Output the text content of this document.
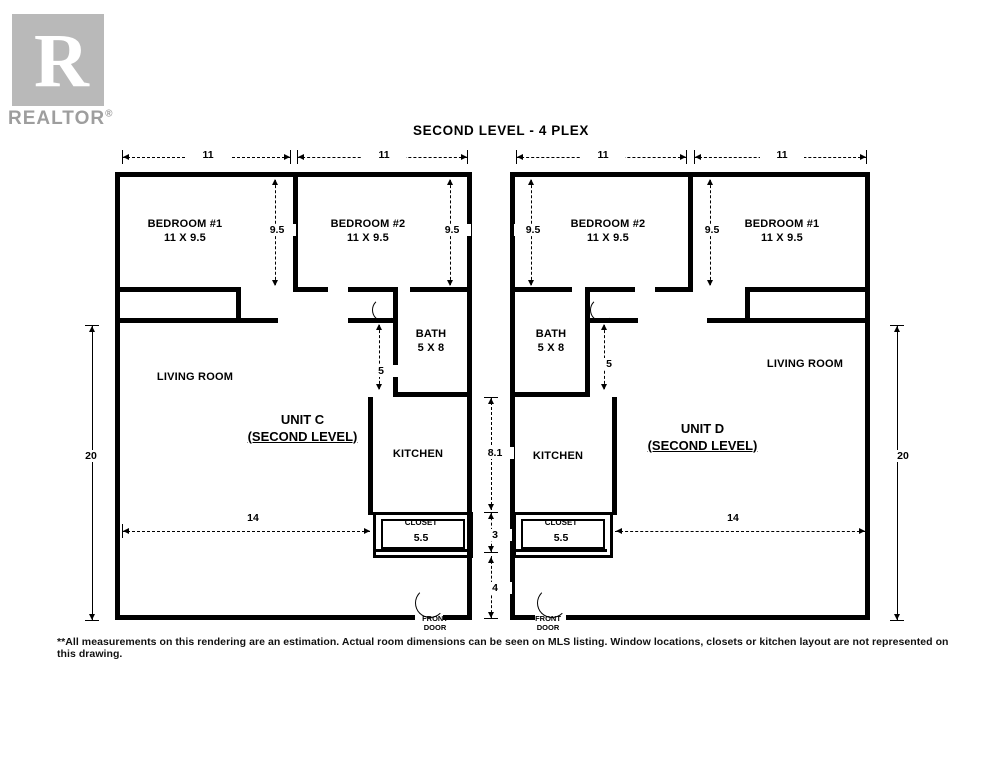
R
REALTOR®
SECOND LEVEL - 4 PLEX
FRONT
DOOR
CLOSET
5.5
BEDROOM #1
11 X 9.5
BEDROOM #2
11 X 9.5
LIVING ROOM
BATH
5 X 8
KITCHEN
UNIT C
(SECOND LEVEL)
FRONT
DOOR
CLOSET
5.5
BEDROOM #2
11 X 9.5
BEDROOM #1
11 X 9.5
LIVING ROOM
BATH
5 X 8
KITCHEN
UNIT D
(SECOND LEVEL)
11	11	11	11
9.5	9.5	9.5	9.5
5
5
20	20
14	14
8.1
3
4
**All measurements on this rendering are an estimation. Actual room dimensions can be seen on MLS listing. Window locations, closets or kitchen layout are not represented on this drawing.
